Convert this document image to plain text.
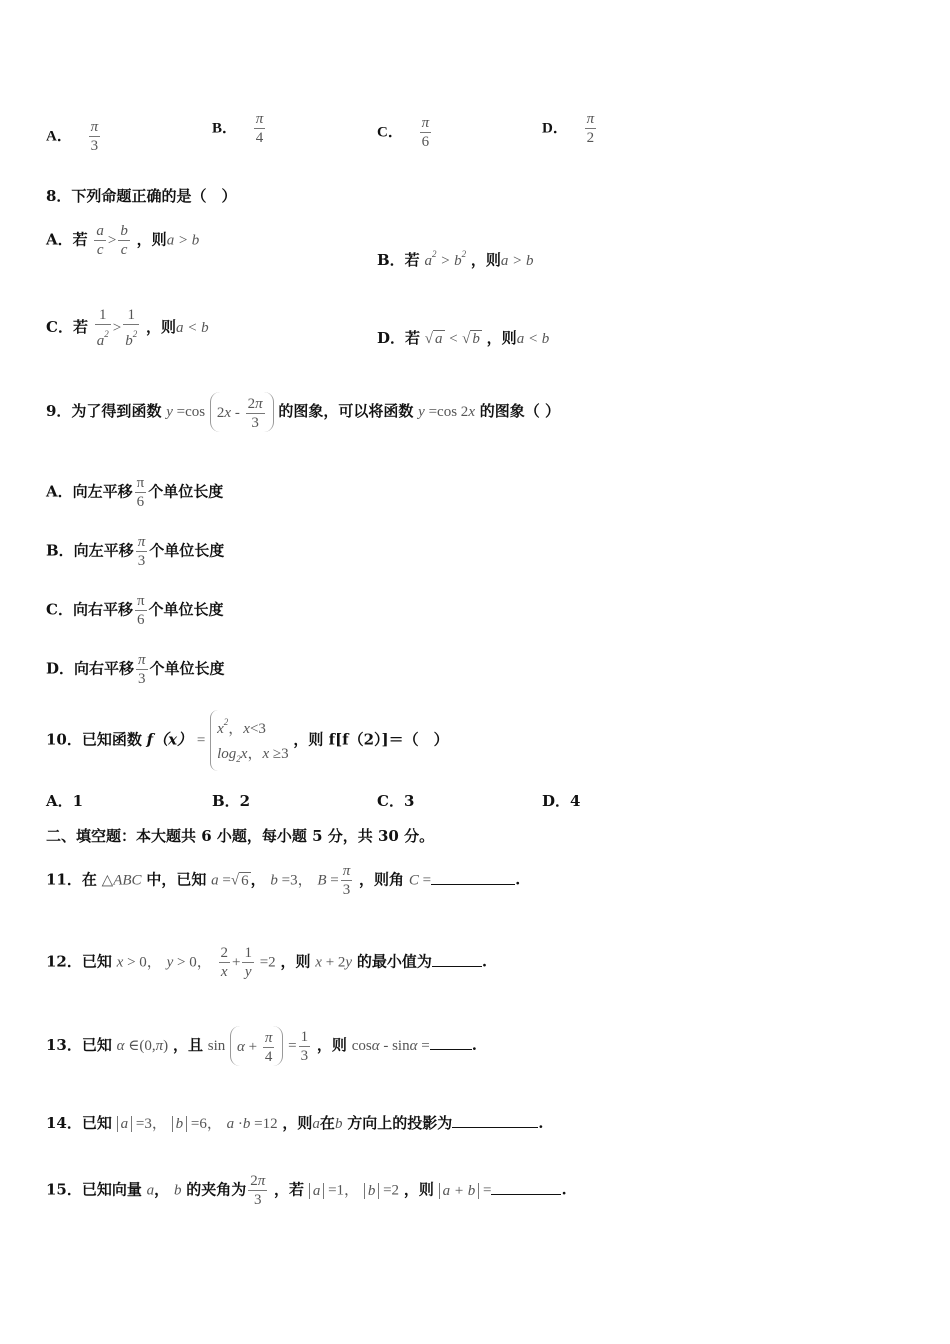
A． $\frac{\pi}{3}$	B． $\frac{\pi}{4}$	C． $\frac{\pi}{6}$	D． $\frac{\pi}{2}$
8．下列命题正确的是（　）
A．若 $\frac{a}{c} > \frac{b}{c}$ ，则a > b
B．若 $a^2 > b^2$ ，则a > b
C．若 $\frac{1}{a^2} > \frac{1}{b^2}$ ，则a < b
D．若 √ a < √ b ，则a < b
9．为了得到函数 y =cos $2x - \frac{2\pi}{3}$ 的图象，可以将函数 y =cos 2x 的图象（ ）
A．向左平移 $\frac{\pi}{6}$ 个单位长度
B．向左平移 $\frac{\pi}{3}$ 个单位长度
C．向右平移 $\frac{\pi}{6}$ 个单位长度
D．向右平移 $\frac{\pi}{3}$ 个单位长度
10．已知函数 $f(x) = x^2$，x<3
$\log_2x$，x ≥3 ，则 f[f（2）]＝（　）
A．1	B．2	C．3	D．4
二、填空题：本大题共 6 小题，每小题 5 分，共 30 分。
11．在 △ABC 中，已知 a =√ 6 ， b =3， $B = \frac{\pi}{3}$ ，则角 C =	.
12．已知 x > 0， y > 0， $\frac{2}{x} + \frac{1}{y} =2$ ，则 x + 2y 的最小值为	.
13．已知 α ∈(0,π) ，且 $\sin \alpha + \frac{\pi}{4} = \frac{1}{3}$ ，则 cosα - sinα =	.
14．已知 a =3， b =6， a ·b =12 ，则a在b 方向上的投影为	.
15．已知向量 a， b 的夹角为 $\frac{2\pi}{3}$ ，若 a =1， b =2 ，则 a + b =	.
